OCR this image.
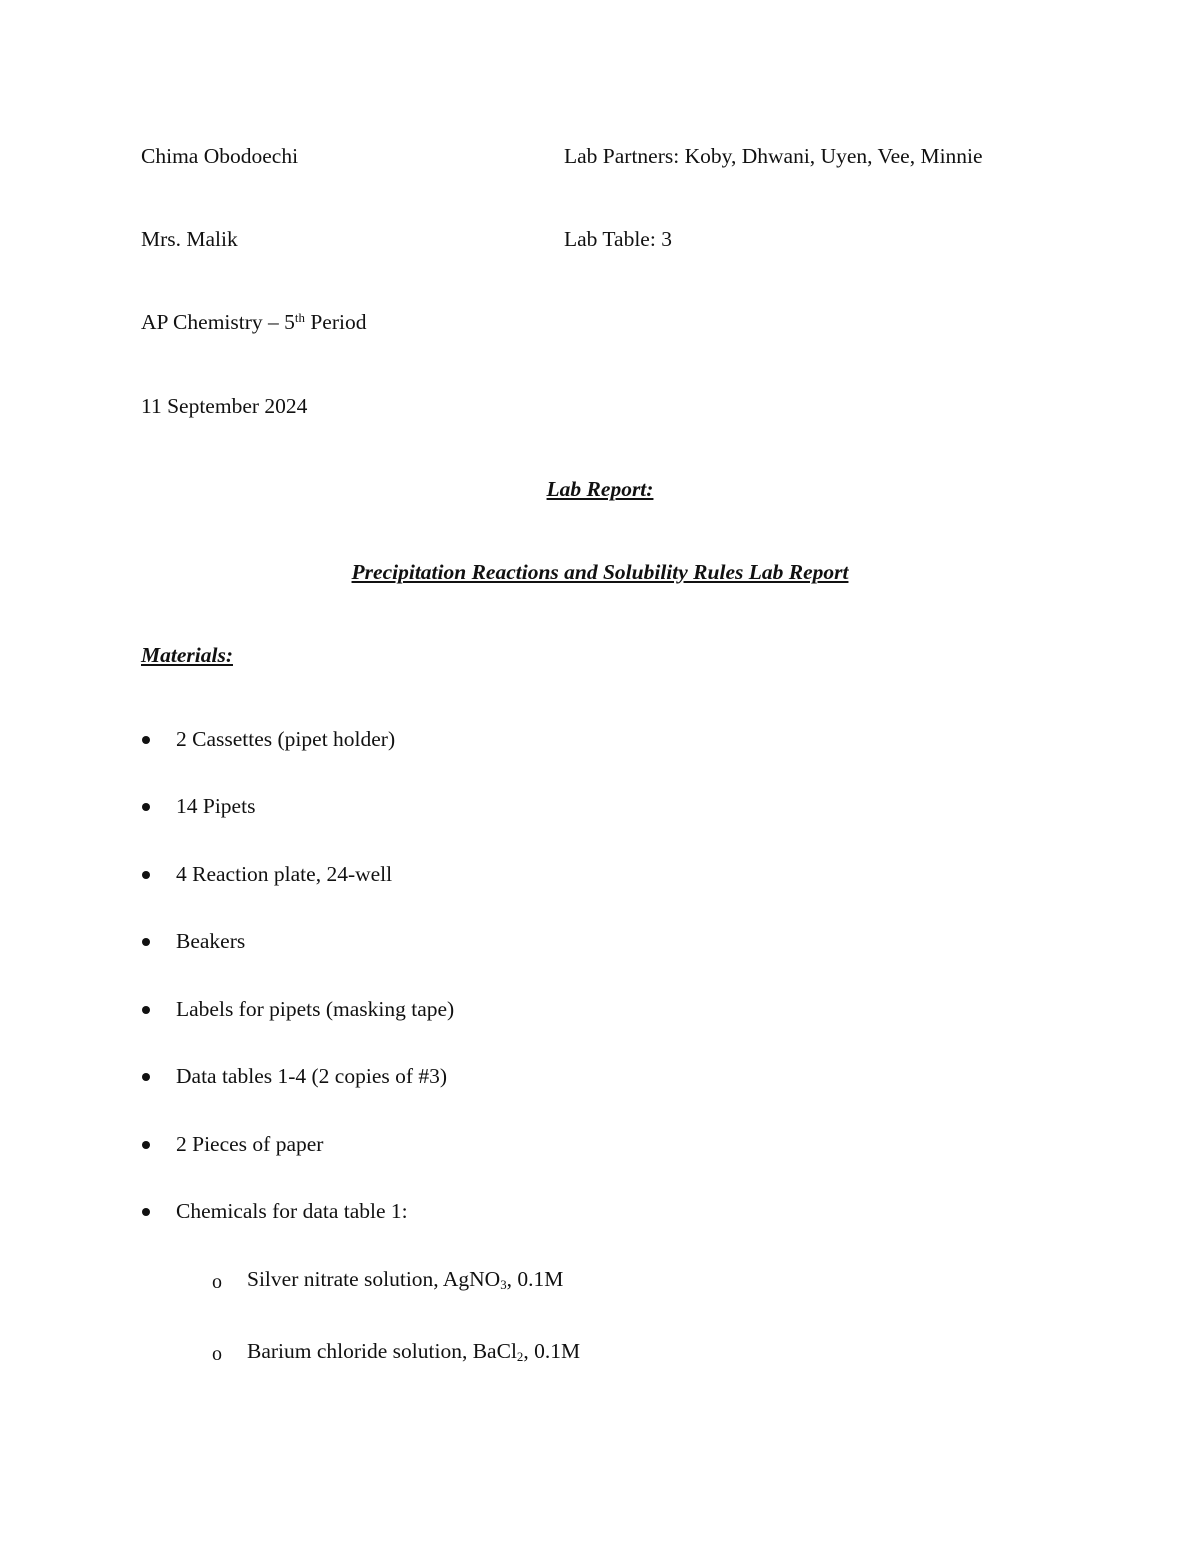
Chima Obodoechi	Lab Partners: Koby, Dhwani, Uyen, Vee, Minnie
Mrs. Malik	Lab Table: 3
AP Chemistry – 5th Period
11 September 2024
Lab Report:
Precipitation Reactions and Solubility Rules Lab Report
Materials:
2 Cassettes (pipet holder)
14 Pipets
4 Reaction plate, 24-well
Beakers
Labels for pipets (masking tape)
Data tables 1-4 (2 copies of #3)
2 Pieces of paper
Chemicals for data table 1:
o Silver nitrate solution, AgNO$_3$, 0.1M
o Barium chloride solution, BaCl$_2$, 0.1M
